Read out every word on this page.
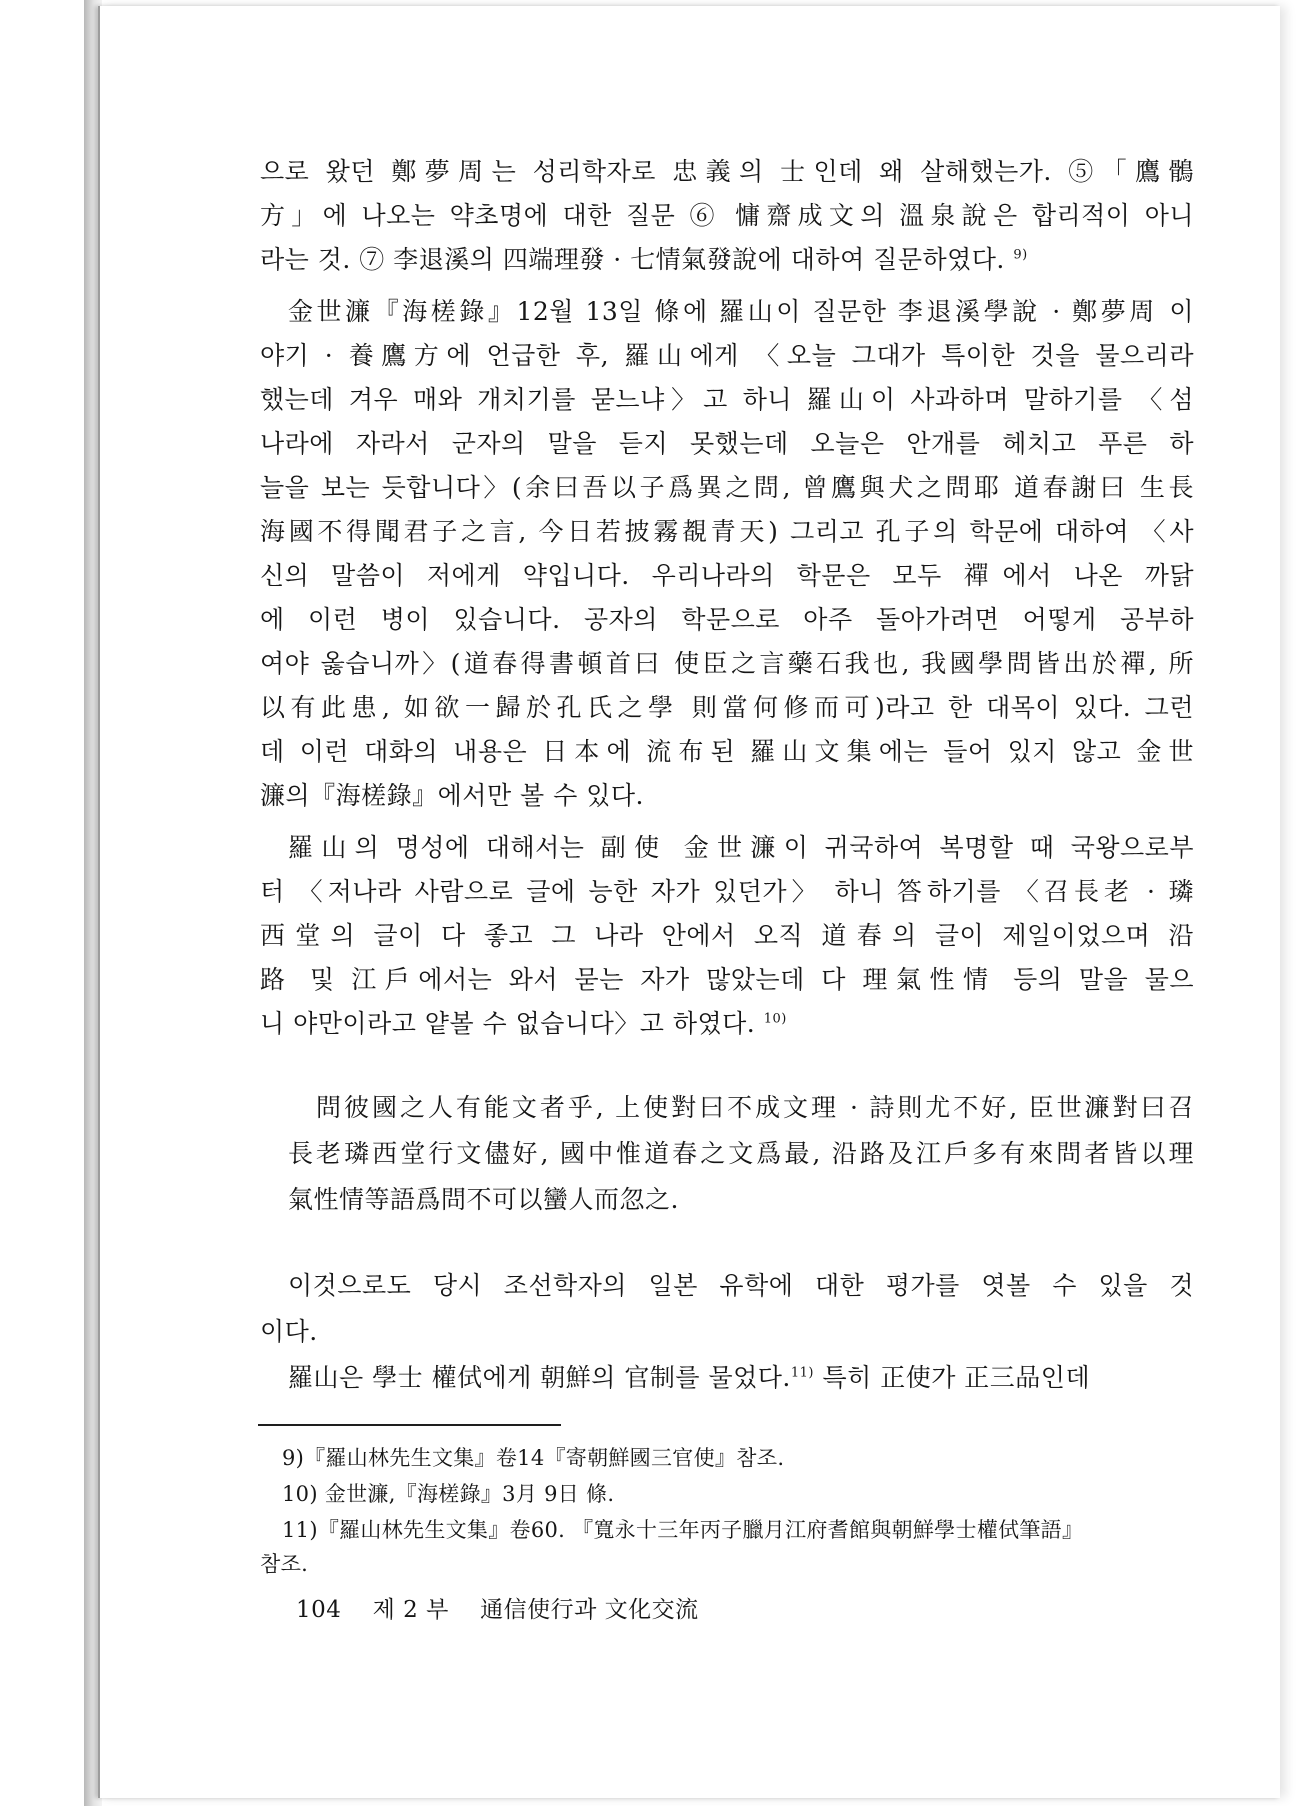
으로 왔던 鄭夢周는 성리학자로 忠義의 士인데 왜 살해했는가. ⑤「鷹鶻
方」에 나오는 약초명에 대한 질문 ⑥ 慵齋成文의 溫泉說은 합리적이 아니
라는 것. ⑦ 李退溪의 四端理發 · 七情氣發說에 대하여 질문하였다. $^{9)}$
金世濂『海槎錄』12월 13일 條에 羅山이 질문한 李退溪學說 · 鄭夢周 이
야기 · 養鷹方에 언급한 후, 羅山에게 〈오늘 그대가 특이한 것을 물으리라
했는데 겨우 매와 개치기를 묻느냐〉고 하니 羅山이 사과하며 말하기를 〈섬
나라에 자라서 군자의 말을 듣지 못했는데 오늘은 안개를 헤치고 푸른 하
늘을 보는 듯합니다〉(余曰吾以子爲異之問, 曾鷹與犬之問耶 道春謝曰 生長
海國不得聞君子之言, 今日若披霧覩青天) 그리고 孔子의 학문에 대하여 〈사
신의 말씀이 저에게 약입니다. 우리나라의 학문은 모두 禪에서 나온 까닭
에 이런 병이 있습니다. 공자의 학문으로 아주 돌아가려면 어떻게 공부하
여야 옳습니까〉(道春得書頓首曰 使臣之言藥石我也, 我國學問皆出於禪, 所
以有此患, 如欲一歸於孔氏之學 則當何修而可)라고 한 대목이 있다. 그런
데 이런 대화의 내용은 日本에 流布된 羅山文集에는 들어 있지 않고 金世
濂의『海槎錄』에서만 볼 수 있다.
羅山의 명성에 대해서는 副使 金世濂이 귀국하여 복명할 때 국왕으로부
터 〈저나라 사람으로 글에 능한 자가 있던가〉 하니 答하기를 〈召長老 · 璘
西堂의 글이 다 좋고 그 나라 안에서 오직 道春의 글이 제일이었으며 沿
路 및 江戶에서는 와서 묻는 자가 많았는데 다 理氣性情 등의 말을 물으
니 야만이라고 얕볼 수 없습니다〉고 하였다. $^{10)}$
問彼國之人有能文者乎, 上使對曰不成文理 · 詩則尤不好, 臣世濂對曰召
長老璘西堂行文儘好, 國中惟道春之文爲最, 沿路及江戶多有來問者皆以理
氣性情等語爲問不可以蠻人而忽之.
이것으로도 당시 조선학자의 일본 유학에 대한 평가를 엿볼 수 있을 것
이다.
羅山은 學士 權侙에게 朝鮮의 官制를 물었다.$^{11)}$ 특히 正使가 正三品인데
9)『羅山林先生文集』卷14『寄朝鮮國三官使』참조.
10) 金世濂,『海槎錄』3月 9日 條.
11)『羅山林先生文集』卷60. 『寬永十三年丙子臘月江府耆館與朝鮮學士權侙筆語』
참조.
104 제 2 부 通信使行과 文化交流
